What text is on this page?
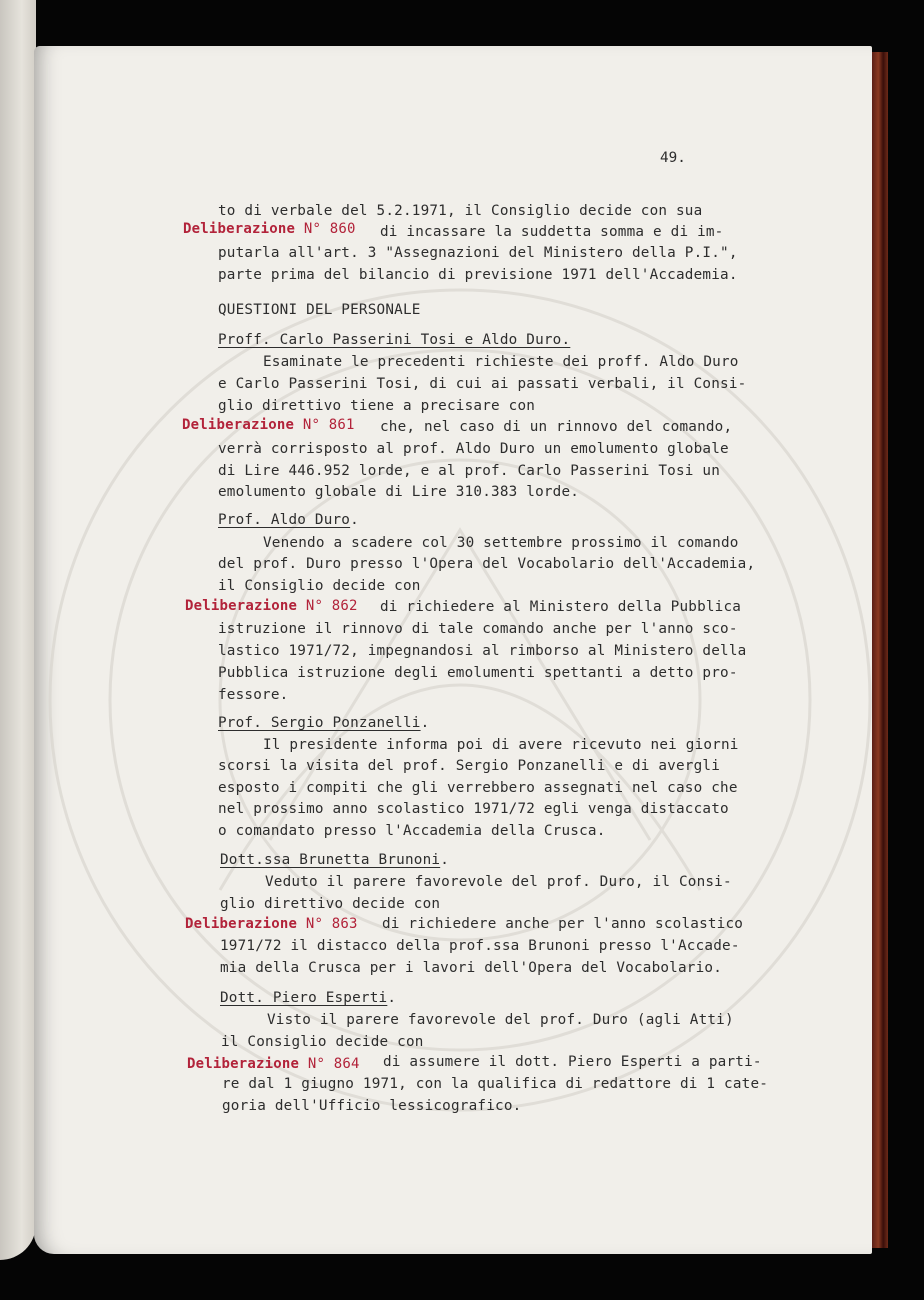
49.
to di verbale del 5.2.1971, il Consiglio decide con sua
Deliberazione N° 860 di incassare la suddetta somma e di im-
putarla all'art. 3 "Assegnazioni del Ministero della P.I.",
parte prima del bilancio di previsione 1971 dell'Accademia.
QUESTIONI DEL PERSONALE
Proff. Carlo Passerini Tosi e Aldo Duro.
Esaminate le precedenti richieste dei proff. Aldo Duro
e Carlo Passerini Tosi, di cui ai passati verbali, il Consi-
glio direttivo tiene a precisare con
Deliberazione N° 861 che, nel caso di un rinnovo del comando,
verrà corrisposto al prof. Aldo Duro un emolumento globale
di Lire 446.952 lorde, e al prof. Carlo Passerini Tosi un
emolumento globale di Lire 310.383 lorde.
Prof. Aldo Duro.
Venendo a scadere col 30 settembre prossimo il comando
del prof. Duro presso l'Opera del Vocabolario dell'Accademia,
il Consiglio decide con
Deliberazione N° 862 di richiedere al Ministero della Pubblica
istruzione il rinnovo di tale comando anche per l'anno sco-
lastico 1971/72, impegnandosi al rimborso al Ministero della
Pubblica istruzione degli emolumenti spettanti a detto pro-
fessore.
Prof. Sergio Ponzanelli.
Il presidente informa poi di avere ricevuto nei giorni
scorsi la visita del prof. Sergio Ponzanelli e di avergli
esposto i compiti che gli verrebbero assegnati nel caso che
nel prossimo anno scolastico 1971/72 egli venga distaccato
o comandato presso l'Accademia della Crusca.
Dott.ssa Brunetta Brunoni.
Veduto il parere favorevole del prof. Duro, il Consi-
glio direttivo decide con
Deliberazione N° 863 di richiedere anche per l'anno scolastico
1971/72 il distacco della prof.ssa Brunoni presso l'Accade-
mia della Crusca per i lavori dell'Opera del Vocabolario.
Dott. Piero Esperti.
Visto il parere favorevole del prof. Duro (agli Atti)
il Consiglio decide con
Deliberazione N° 864 di assumere il dott. Piero Esperti a parti-
re dal 1 giugno 1971, con la qualifica di redattore di 1 cate-
goria dell'Ufficio lessicografico.
